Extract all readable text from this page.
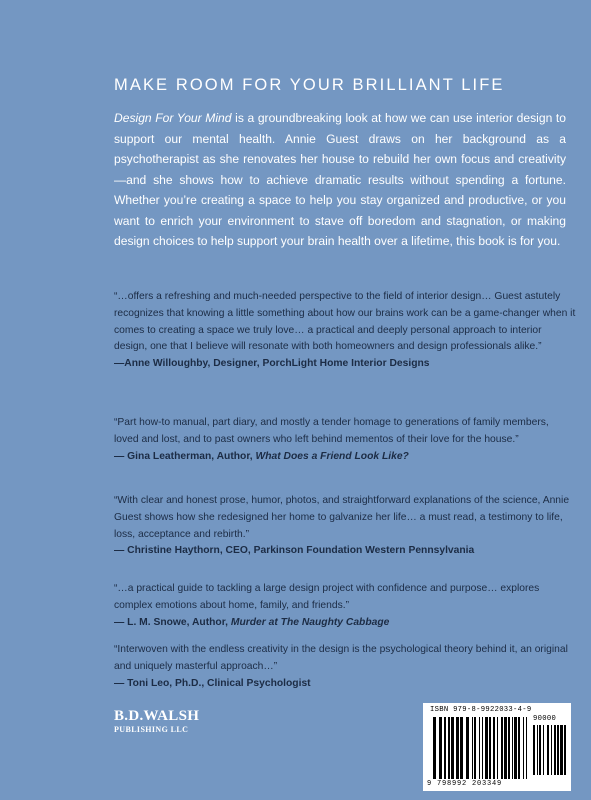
MAKE ROOM FOR YOUR BRILLIANT LIFE
Design For Your Mind is a groundbreaking look at how we can use interior design to support our mental health. Annie Guest draws on her background as a psychotherapist as she renovates her house to rebuild her own focus and creativity—and she shows how to achieve dramatic results without spending a fortune. Whether you’re creating a space to help you stay organized and productive, or you want to enrich your environment to stave off boredom and stagnation, or making design choices to help support your brain health over a lifetime, this book is for you.
“…offers a refreshing and much-needed perspective to the field of interior design… Guest astutely recognizes that knowing a little something about how our brains work can be a game-changer when it comes to creating a space we truly love… a practical and deeply personal approach to interior design, one that I believe will resonate with both homeowners and design professionals alike.”
—Anne Willoughby, Designer, PorchLight Home Interior Designs
“Part how-to manual, part diary, and mostly a tender homage to generations of family members, loved and lost, and to past owners who left behind mementos of their love for the house.”
— Gina Leatherman, Author, What Does a Friend Look Like?
“With clear and honest prose, humor, photos, and straightforward explanations of the science, Annie Guest shows how she redesigned her home to galvanize her life… a must read, a testimony to life, loss, acceptance and rebirth.”
— Christine Haythorn, CEO, Parkinson Foundation Western Pennsylvania
“…a practical guide to tackling a large design project with confidence and purpose… explores complex emotions about home, family, and friends.”
— L. M. Snowe, Author, Murder at The Naughty Cabbage
“Interwoven with the endless creativity in the design is the psychological theory behind it, an original and uniquely masterful approach…”
— Toni Leo, Ph.D., Clinical Psychologist
B.D.WALSH
PUBLISHING LLC
ISBN 979-8-9922033-4-9
90000
9 798992 203349
